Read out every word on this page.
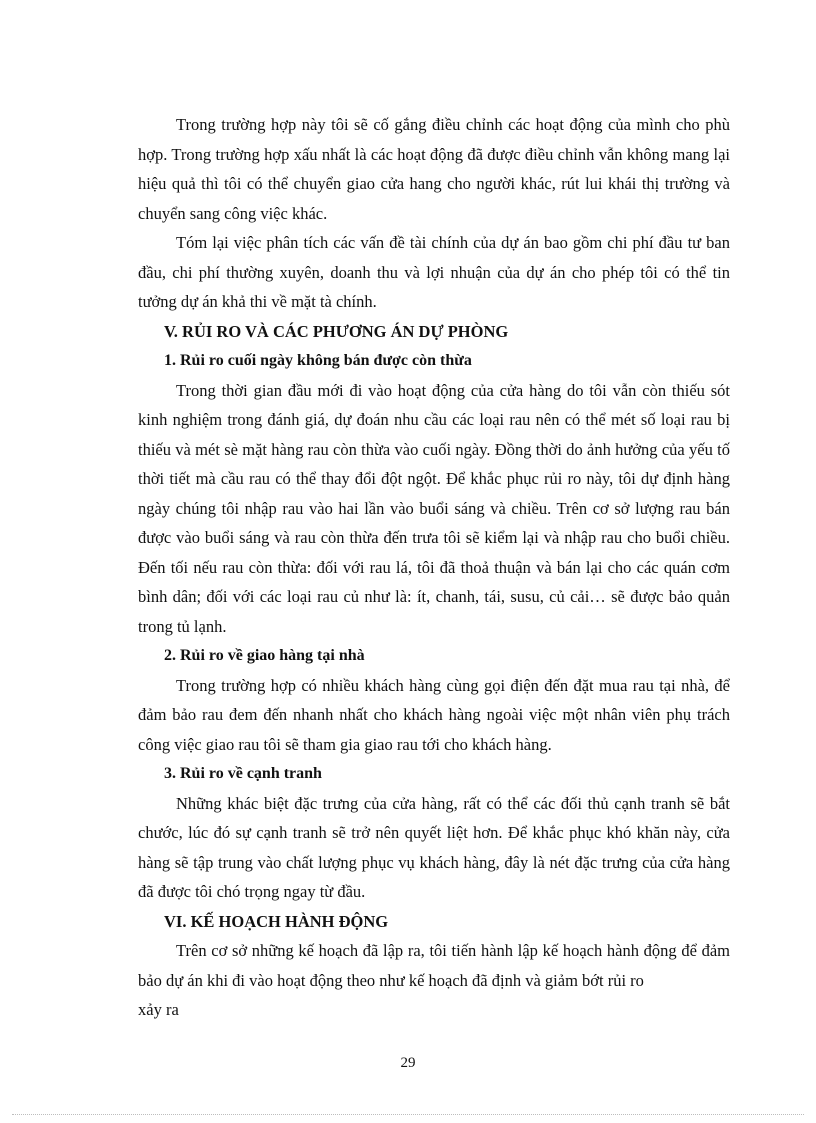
Trong trường hợp này tôi sẽ cố gắng điều chỉnh các hoạt động của mình cho phù hợp. Trong trường hợp xấu nhất là các hoạt động đã được điều chỉnh vẫn không mang lại hiệu quả thì tôi có thể chuyển giao cửa hang cho người khác, rút lui khái thị trường và chuyển sang công việc khác.

Tóm lại việc phân tích các vấn đề tài chính của dự án bao gồm chi phí đầu tư ban đầu, chi phí thường xuyên, doanh thu và lợi nhuận của dự án cho phép tôi có thể tin tưởng dự án khả thi về mặt tà chính.

V. RỦI RO VÀ CÁC PHƯƠNG ÁN DỰ PHÒNG

1. Rủi ro cuối ngày không bán được còn thừa

Trong thời gian đầu mới đi vào hoạt động của cửa hàng do tôi vẫn còn thiếu sót kinh nghiệm trong đánh giá, dự đoán nhu cầu các loại rau nên có thể mét số loại rau bị thiếu và mét sè mặt hàng rau còn thừa vào cuối ngày. Đồng thời do ảnh hưởng của yếu tố thời tiết mà cầu rau có thể thay đổi đột ngột. Để khắc phục rủi ro này, tôi dự định hàng ngày chúng tôi nhập rau vào hai lần vào buổi sáng và chiều. Trên cơ sở lượng rau bán được vào buổi sáng và rau còn thừa đến trưa tôi sẽ kiểm lại và nhập rau cho buổi chiều. Đến tối nếu rau còn thừa: đối với rau lá, tôi đã thoả thuận và bán lại cho các quán cơm bình dân; đối với các loại rau củ như là: ít, chanh, tái, susu, củ cải… sẽ được bảo quản trong tủ lạnh.

2. Rủi ro về giao hàng tại nhà

Trong trường hợp có nhiều khách hàng cùng gọi điện đến đặt mua rau tại nhà, để đảm bảo rau đem đến nhanh nhất cho khách hàng ngoài việc một nhân viên phụ trách công việc giao rau tôi sẽ tham gia giao rau tới cho khách hàng.

3. Rủi ro về cạnh tranh

Những khác biệt đặc trưng của cửa hàng, rất có thể các đối thủ cạnh tranh sẽ bắt chước, lúc đó sự cạnh tranh sẽ trở nên quyết liệt hơn. Để khắc phục khó khăn này, cửa hàng sẽ tập trung vào chất lượng phục vụ khách hàng, đây là nét đặc trưng của cửa hàng đã được tôi chó trọng ngay từ đầu.

VI. KẾ HOẠCH HÀNH ĐỘNG

Trên cơ sở những kế hoạch đã lập ra, tôi tiến hành lập kế hoạch hành động để đảm bảo dự án khi đi vào hoạt động theo như kế hoạch đã định và giảm bớt rủi ro

xảy ra

29
